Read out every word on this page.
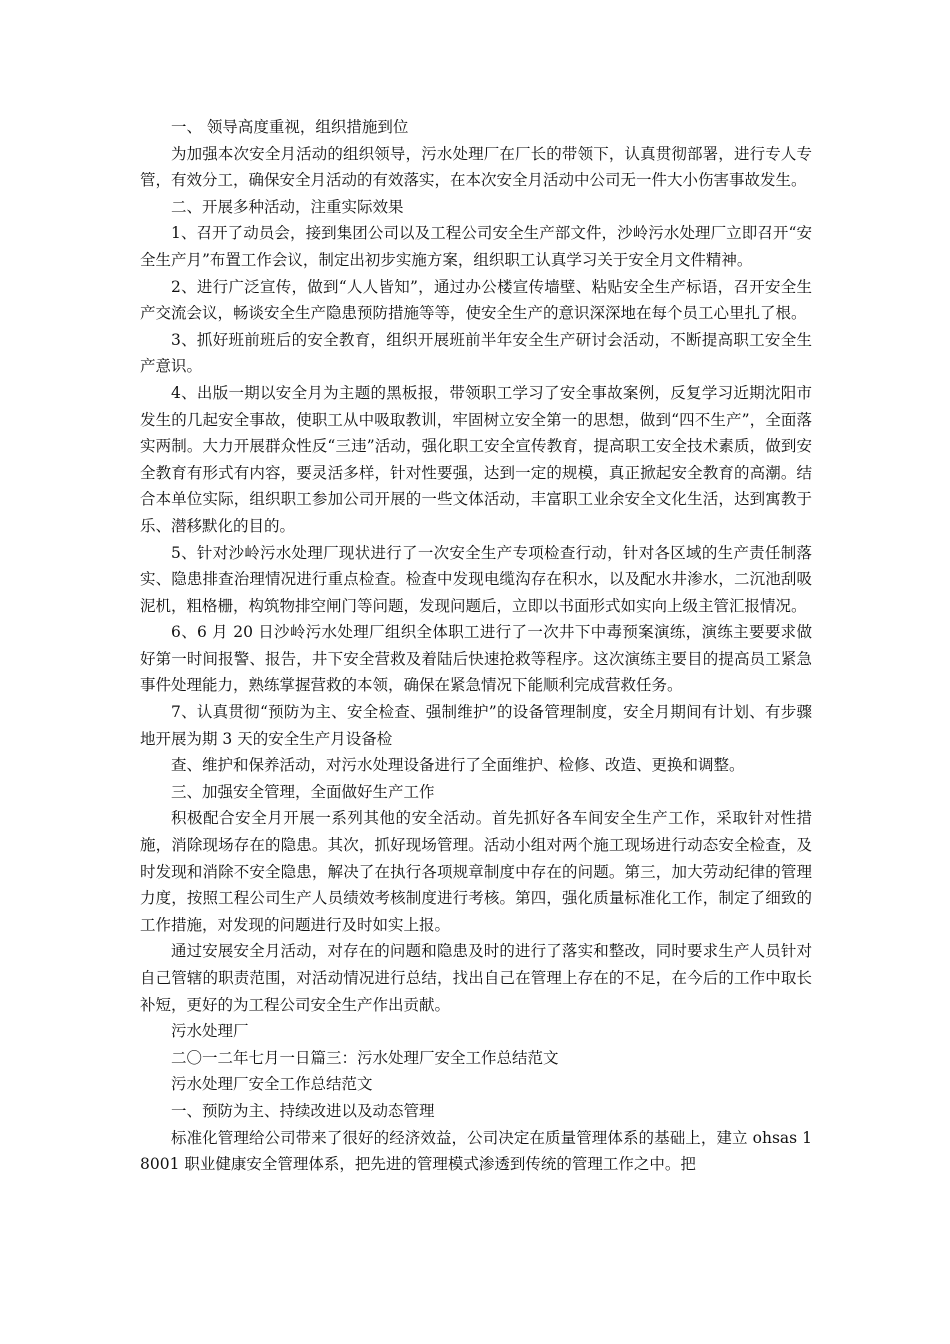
一、 领导高度重视，组织措施到位

为加强本次安全月活动的组织领导，污水处理厂在厂长的带领下，认真贯彻部署，进行专人专管，有效分工，确保安全月活动的有效落实，在本次安全月活动中公司无一件大小伤害事故发生。

二、开展多种活动，注重实际效果

1、召开了动员会，接到集团公司以及工程公司安全生产部文件，沙岭污水处理厂立即召开“安全生产月”布置工作会议，制定出初步实施方案，组织职工认真学习关于安全月文件精神。

2、进行广泛宣传，做到“人人皆知”，通过办公楼宣传墙壁、粘贴安全生产标语，召开安全生产交流会议，畅谈安全生产隐患预防措施等等，使安全生产的意识深深地在每个员工心里扎了根。

3、抓好班前班后的安全教育，组织开展班前半年安全生产研讨会活动，不断提高职工安全生产意识。

4、出版一期以安全月为主题的黑板报，带领职工学习了安全事故案例，反复学习近期沈阳市发生的几起安全事故，使职工从中吸取教训，牢固树立安全第一的思想，做到“四不生产”，全面落实两制。大力开展群众性反“三违”活动，强化职工安全宣传教育，提高职工安全技术素质，做到安全教育有形式有内容，要灵活多样，针对性要强，达到一定的规模，真正掀起安全教育的高潮。结合本单位实际，组织职工参加公司开展的一些文体活动，丰富职工业余安全文化生活，达到寓教于乐、潜移默化的目的。

5、针对沙岭污水处理厂现状进行了一次安全生产专项检查行动，针对各区域的生产责任制落实、隐患排查治理情况进行重点检查。检查中发现电缆沟存在积水，以及配水井渗水，二沉池刮吸泥机，粗格栅，构筑物排空闸门等问题，发现问题后，立即以书面形式如实向上级主管汇报情况。

6、6 月 20 日沙岭污水处理厂组织全体职工进行了一次井下中毒预案演练，演练主要要求做好第一时间报警、报告，井下安全营救及着陆后快速抢救等程序。这次演练主要目的提高员工紧急事件处理能力，熟练掌握营救的本领，确保在紧急情况下能顺利完成营救任务。

7、认真贯彻“预防为主、安全检查、强制维护”的设备管理制度，安全月期间有计划、有步骤地开展为期 3 天的安全生产月设备检

查、维护和保养活动，对污水处理设备进行了全面维护、检修、改造、更换和调整。

三、加强安全管理，全面做好生产工作

积极配合安全月开展一系列其他的安全活动。首先抓好各车间安全生产工作，采取针对性措施，消除现场存在的隐患。其次，抓好现场管理。活动小组对两个施工现场进行动态安全检查，及时发现和消除不安全隐患，解决了在执行各项规章制度中存在的问题。第三，加大劳动纪律的管理力度，按照工程公司生产人员绩效考核制度进行考核。第四，强化质量标准化工作，制定了细致的工作措施，对发现的问题进行及时如实上报。

通过安展安全月活动，对存在的问题和隐患及时的进行了落实和整改，同时要求生产人员针对自己管辖的职责范围，对活动情况进行总结，找出自己在管理上存在的不足，在今后的工作中取长补短，更好的为工程公司安全生产作出贡献。

污水处理厂

二〇一二年七月一日篇三：污水处理厂安全工作总结范文

污水处理厂安全工作总结范文

一、预防为主、持续改进以及动态管理

标准化管理给公司带来了很好的经济效益，公司决定在质量管理体系的基础上，建立 ohsas 18001 职业健康安全管理体系，把先进的管理模式渗透到传统的管理工作之中。把
